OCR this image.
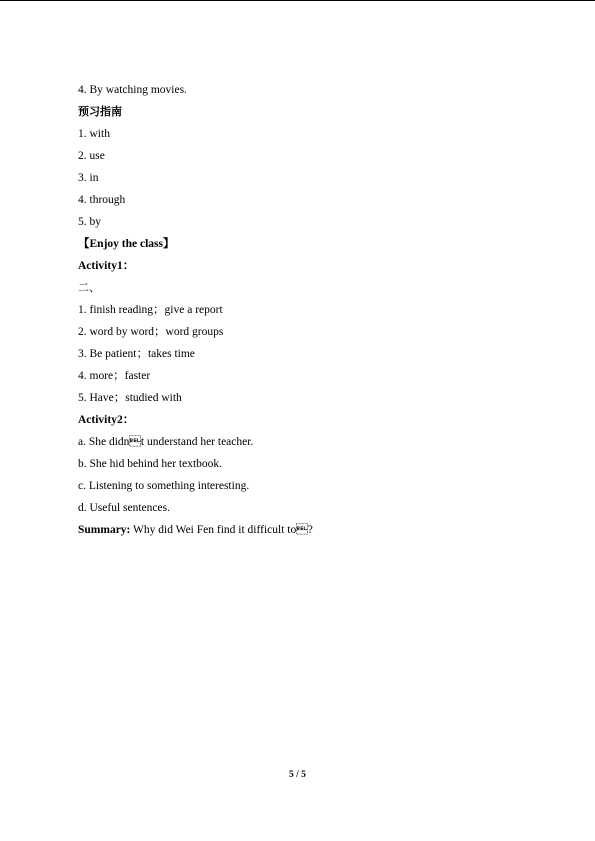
4. By watching movies.
预习指南
1. with
2. use
3. in
4. through
5. by
【Enjoy the class】
Activity1：
二、
1. finish reading；give a report
2. word by word；word groups
3. Be patient；takes time
4. more；faster
5. Have；studied with
Activity2：
a. She didnt understand her teacher.
b. She hid behind her textbook.
c. Listening to something interesting.
d. Useful sentences.
Summary: Why did Wei Fen find it difficult to?
5 / 5
